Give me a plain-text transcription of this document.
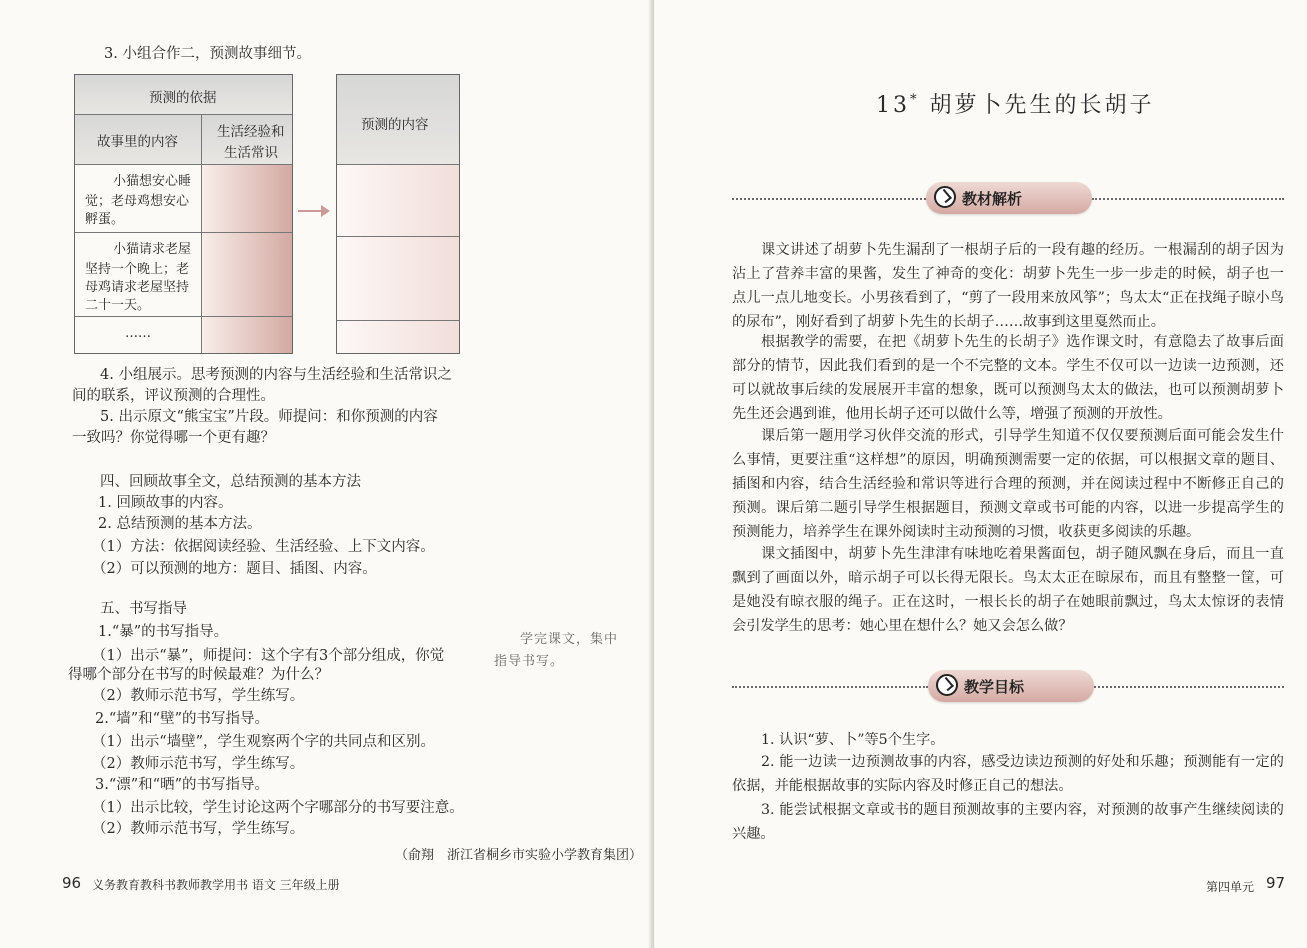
3. 小组合作二，预测故事细节。
预测的依据
故事里的内容
生活经验和
生活常识
小猫想安心睡
觉；老母鸡想安心
孵蛋。
小猫请求老屋
坚持一个晚上；老
母鸡请求老屋坚持
二十一天。
……
预测的内容
4. 小组展示。思考预测的内容与生活经验和生活常识之
间的联系，评议预测的合理性。
5. 出示原文“熊宝宝”片段。师提问：和你预测的内容
一致吗？你觉得哪一个更有趣？
四、回顾故事全文，总结预测的基本方法
1. 回顾故事的内容。
2. 总结预测的基本方法。
（1）方法：依据阅读经验、生活经验、上下文内容。
（2）可以预测的地方：题目、插图、内容。
五、书写指导
1.“暴”的书写指导。
（1）出示“暴”，师提问：这个字有3个部分组成，你觉
得哪个部分在书写的时候最难？为什么？
（2）教师示范书写，学生练写。
2.“墙”和“壁”的书写指导。
（1）出示“墙壁”，学生观察两个字的共同点和区别。
（2）教师示范书写，学生练写。
3.“漂”和“晒”的书写指导。
（1）出示比较，学生讨论这两个字哪部分的书写要注意。
（2）教师示范书写，学生练写。
学完课文，集中
指导书写。
（俞翔　浙江省桐乡市实验小学教育集团）
96 义务教育教科书教师教学用书 语文 三年级上册
13* 胡萝卜先生的长胡子
教材解析
课文讲述了胡萝卜先生漏刮了一根胡子后的一段有趣的经历。一根漏刮的胡子因为沾上了营养丰富的果酱，发生了神奇的变化：胡萝卜先生一步一步走的时候，胡子也一点儿一点儿地变长。小男孩看到了，“剪了一段用来放风筝”；鸟太太“正在找绳子晾小鸟的尿布”，刚好看到了胡萝卜先生的长胡子……故事到这里戛然而止。
根据教学的需要，在把《胡萝卜先生的长胡子》选作课文时，有意隐去了故事后面部分的情节，因此我们看到的是一个不完整的文本。学生不仅可以一边读一边预测，还可以就故事后续的发展展开丰富的想象，既可以预测鸟太太的做法，也可以预测胡萝卜先生还会遇到谁，他用长胡子还可以做什么等，增强了预测的开放性。
课后第一题用学习伙伴交流的形式，引导学生知道不仅仅要预测后面可能会发生什么事情，更要注重“这样想”的原因，明确预测需要一定的依据，可以根据文章的题目、插图和内容，结合生活经验和常识等进行合理的预测，并在阅读过程中不断修正自己的预测。课后第二题引导学生根据题目，预测文章或书可能的内容，以进一步提高学生的预测能力，培养学生在课外阅读时主动预测的习惯，收获更多阅读的乐趣。
课文插图中，胡萝卜先生津津有味地吃着果酱面包，胡子随风飘在身后，而且一直飘到了画面以外，暗示胡子可以长得无限长。鸟太太正在晾尿布，而且有整整一筐，可是她没有晾衣服的绳子。正在这时，一根长长的胡子在她眼前飘过，鸟太太惊讶的表情会引发学生的思考：她心里在想什么？她又会怎么做？
教学目标
1. 认识“萝、卜”等5个生字。
2. 能一边读一边预测故事的内容，感受边读边预测的好处和乐趣；预测能有一定的依据，并能根据故事的实际内容及时修正自己的想法。
3. 能尝试根据文章或书的题目预测故事的主要内容，对预测的故事产生继续阅读的兴趣。
第四单元 97
